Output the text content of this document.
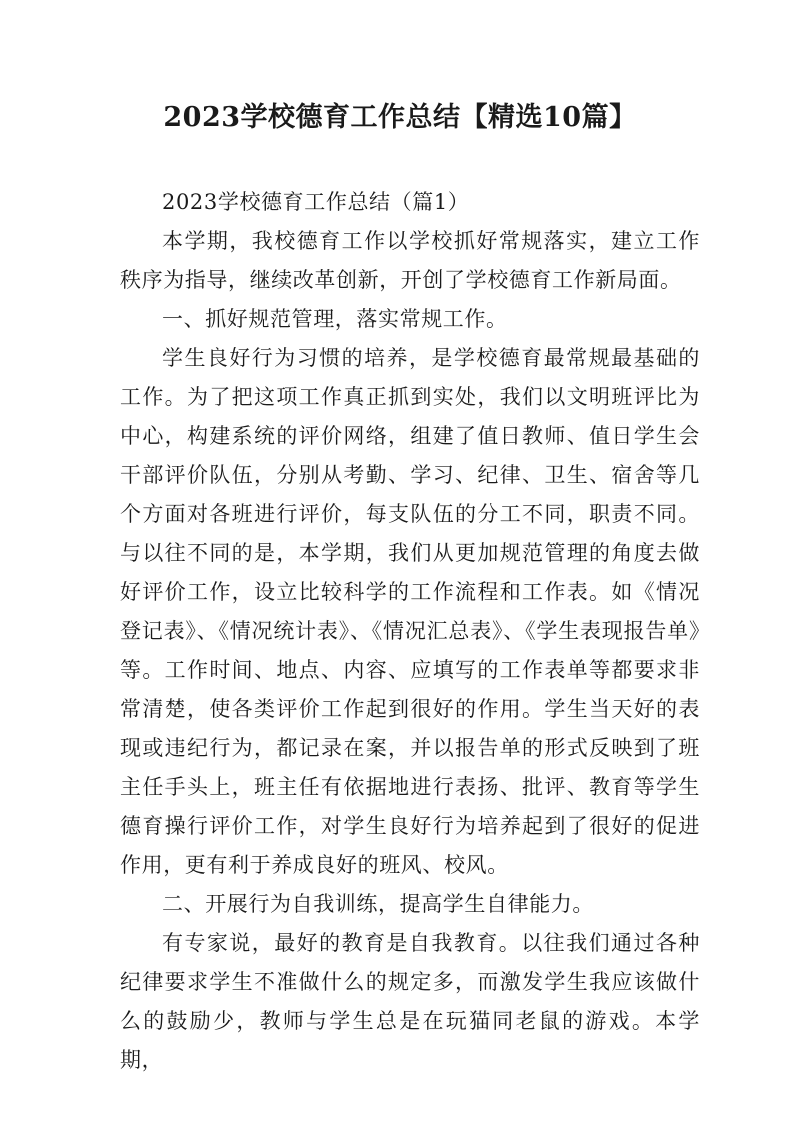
2023学校德育工作总结【精选10篇】

2023学校德育工作总结（篇1）

本学期，我校德育工作以学校抓好常规落实，建立工作秩序为指导，继续改革创新，开创了学校德育工作新局面。

一、抓好规范管理，落实常规工作。

学生良好行为习惯的培养，是学校德育最常规最基础的工作。为了把这项工作真正抓到实处，我们以文明班评比为中心，构建系统的评价网络，组建了值日教师、值日学生会干部评价队伍，分别从考勤、学习、纪律、卫生、宿舍等几个方面对各班进行评价，每支队伍的分工不同，职责不同。与以往不同的是，本学期，我们从更加规范管理的角度去做好评价工作，设立比较科学的工作流程和工作表。如《情况登记表》、《情况统计表》、《情况汇总表》、《学生表现报告单》等。工作时间、地点、内容、应填写的工作表单等都要求非常清楚，使各类评价工作起到很好的作用。学生当天好的表现或违纪行为，都记录在案，并以报告单的形式反映到了班主任手头上，班主任有依据地进行表扬、批评、教育等学生德育操行评价工作，对学生良好行为培养起到了很好的促进作用，更有利于养成良好的班风、校风。

二、开展行为自我训练，提高学生自律能力。

有专家说，最好的教育是自我教育。以往我们通过各种纪律要求学生不准做什么的规定多，而激发学生我应该做什么的鼓励少，教师与学生总是在玩猫同老鼠的游戏。本学期，
